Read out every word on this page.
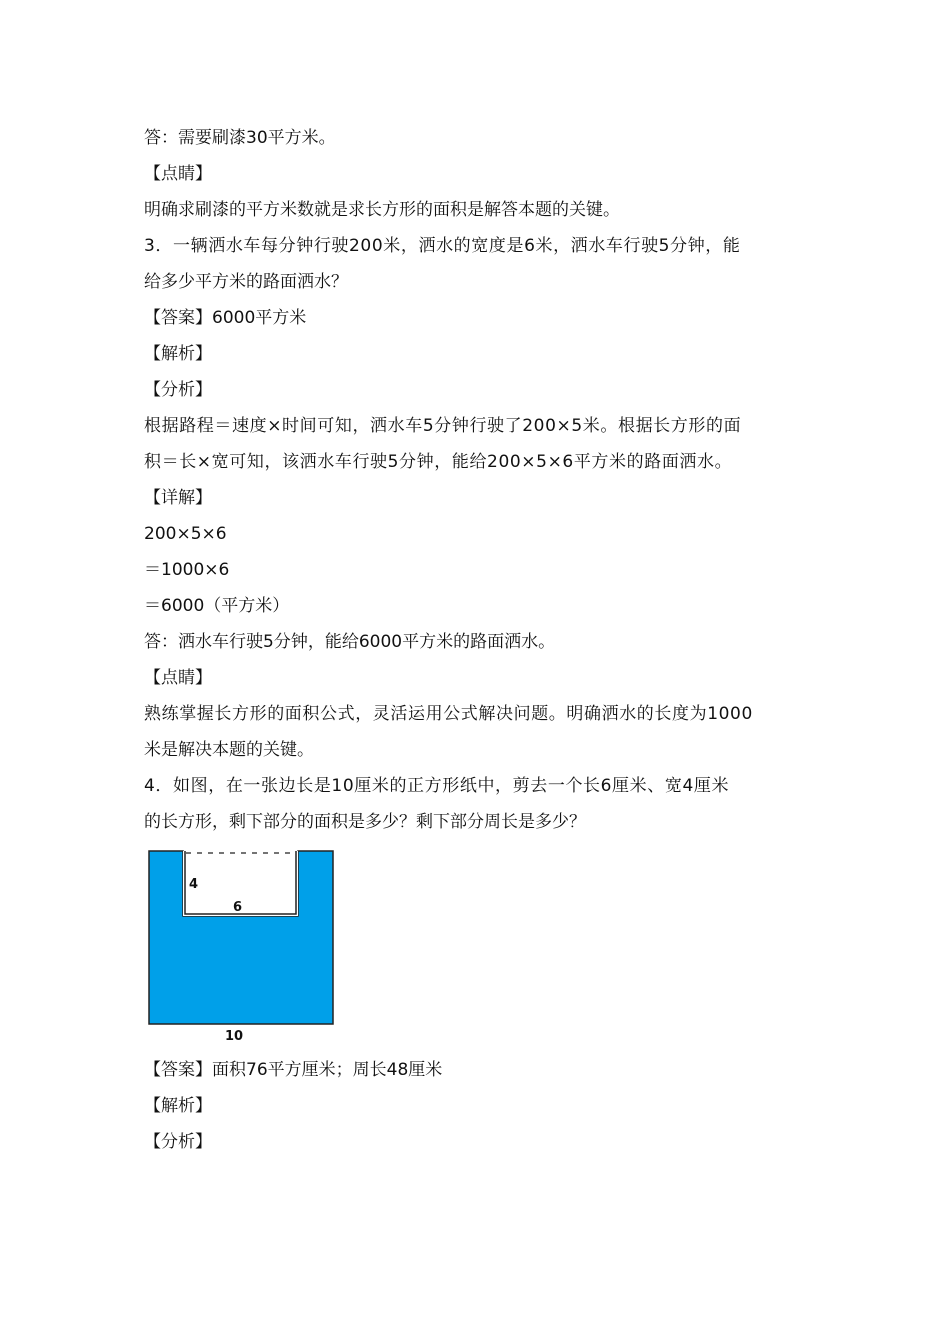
答：需要刷漆30平方米。
【点睛】
明确求刷漆的平方米数就是求长方形的面积是解答本题的关键。
3．一辆洒水车每分钟行驶200米，洒水的宽度是6米，洒水车行驶5分钟，能
给多少平方米的路面洒水？
【答案】6000平方米
【解析】
【分析】
根据路程＝速度×时间可知，洒水车5分钟行驶了200×5米。根据长方形的面
积＝长×宽可知，该洒水车行驶5分钟，能给200×5×6平方米的路面洒水。
【详解】
200×5×6
＝1000×6
＝6000（平方米）
答：洒水车行驶5分钟，能给6000平方米的路面洒水。
【点睛】
熟练掌握长方形的面积公式，灵活运用公式解决问题。明确洒水的长度为1000
米是解决本题的关键。
4．如图，在一张边长是10厘米的正方形纸中，剪去一个长6厘米、宽4厘米
的长方形，剩下部分的面积是多少？剩下部分周长是多少？
4
6
10
【答案】面积76平方厘米；周长48厘米
【解析】
【分析】
